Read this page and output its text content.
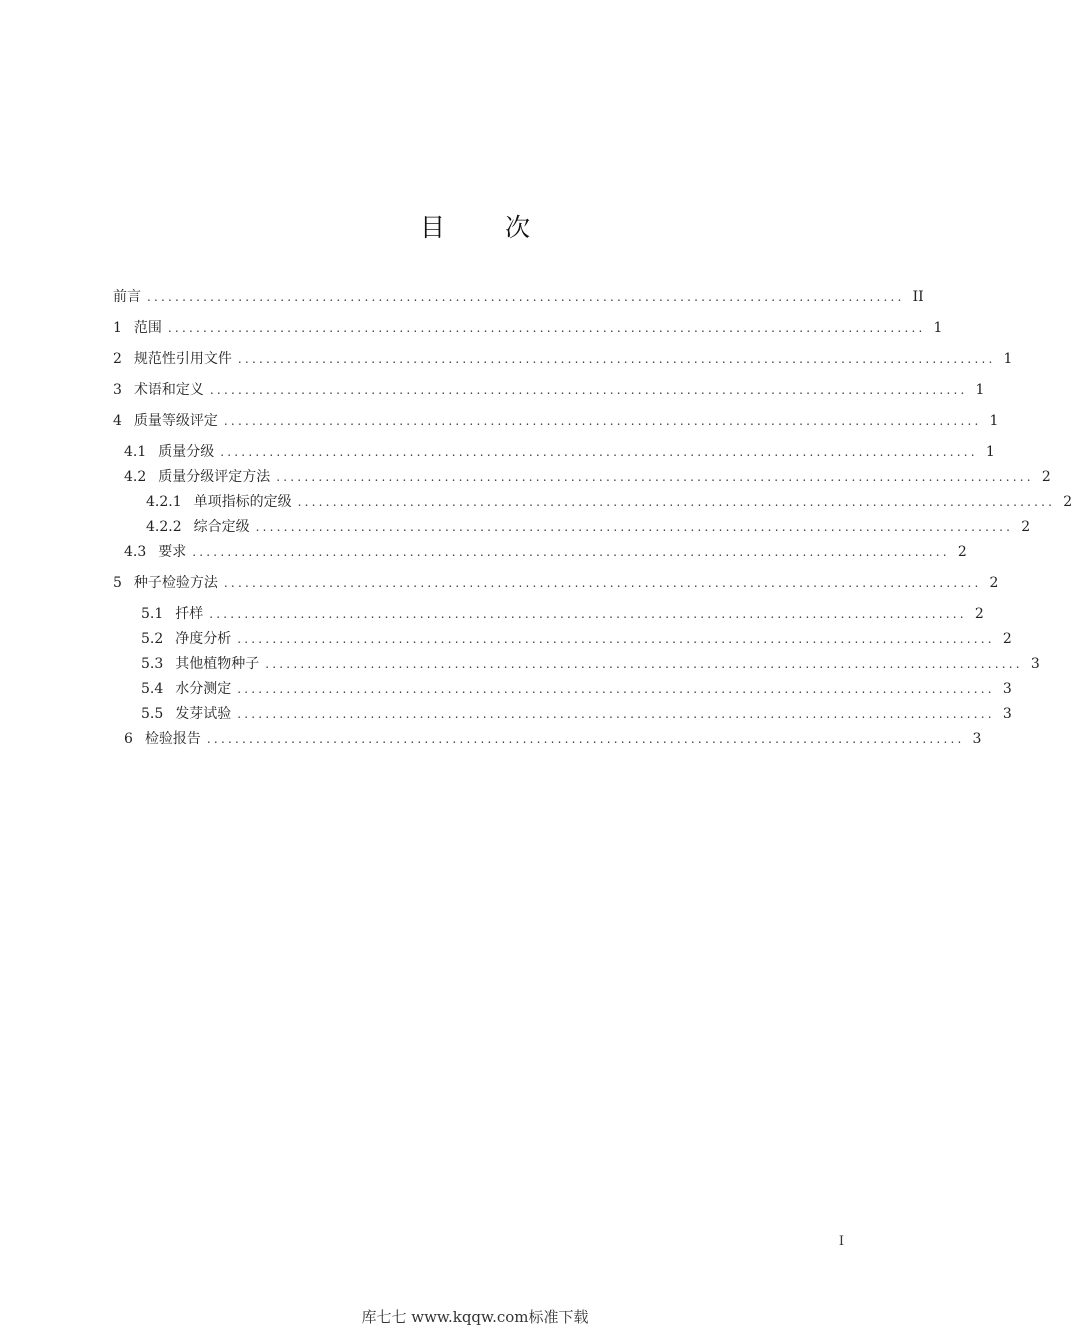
目 次
前言 ............................................................................................................ II
1 范围 ............................................................................................................ 1
2 规范性引用文件 ............................................................................................................ 1
3 术语和定义 ............................................................................................................ 1
4 质量等级评定 ............................................................................................................ 1
4.1 质量分级 ............................................................................................................ 1
4.2 质量分级评定方法 ............................................................................................................ 2
4.2.1 单项指标的定级 ............................................................................................................ 2
4.2.2 综合定级 ............................................................................................................ 2
4.3 要求 ............................................................................................................ 2
5 种子检验方法 ............................................................................................................ 2
5.1 扦样 ............................................................................................................ 2
5.2 净度分析 ............................................................................................................ 2
5.3 其他植物种子 ............................................................................................................ 3
5.4 水分测定 ............................................................................................................ 3
5.5 发芽试验 ............................................................................................................ 3
6 检验报告 ............................................................................................................ 3
I
库七七 www.kqqw.com标准下载
